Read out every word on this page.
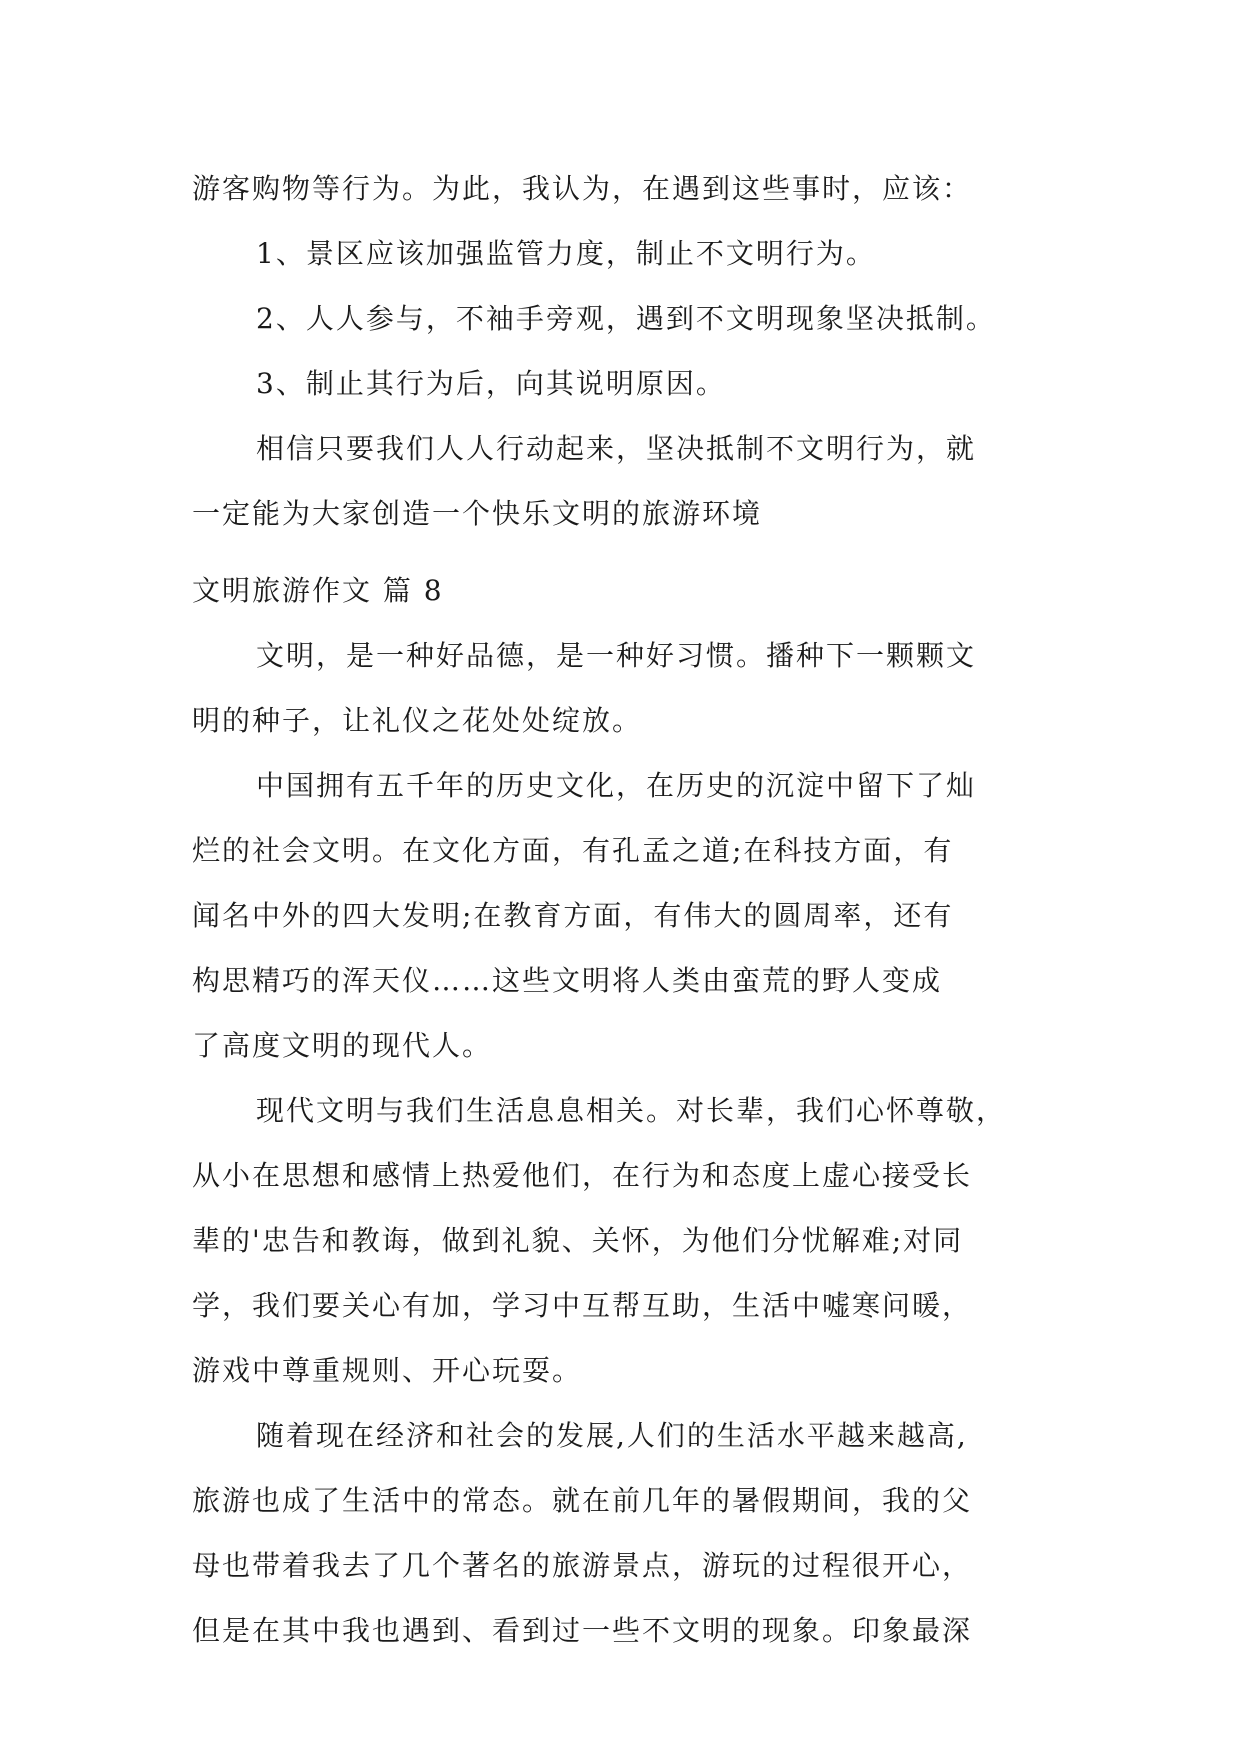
游客购物等行为。为此，我认为，在遇到这些事时，应该：
1、景区应该加强监管力度，制止不文明行为。
2、人人参与，不袖手旁观，遇到不文明现象坚决抵制。
3、制止其行为后，向其说明原因。
相信只要我们人人行动起来，坚决抵制不文明行为，就
一定能为大家创造一个快乐文明的旅游环境
文明旅游作文 篇 8
文明，是一种好品德，是一种好习惯。播种下一颗颗文
明的种子，让礼仪之花处处绽放。
中国拥有五千年的历史文化，在历史的沉淀中留下了灿
烂的社会文明。在文化方面，有孔孟之道;在科技方面，有
闻名中外的四大发明;在教育方面，有伟大的圆周率，还有
构思精巧的浑天仪……这些文明将人类由蛮荒的野人变成
了高度文明的现代人。
现代文明与我们生活息息相关。对长辈，我们心怀尊敬，
从小在思想和感情上热爱他们，在行为和态度上虚心接受长
辈的'忠告和教诲，做到礼貌、关怀，为他们分忧解难;对同
学，我们要关心有加，学习中互帮互助，生活中嘘寒问暖，
游戏中尊重规则、开心玩耍。
随着现在经济和社会的发展,人们的生活水平越来越高,
旅游也成了生活中的常态。就在前几年的暑假期间，我的父
母也带着我去了几个著名的旅游景点，游玩的过程很开心，
但是在其中我也遇到、看到过一些不文明的现象。印象最深
